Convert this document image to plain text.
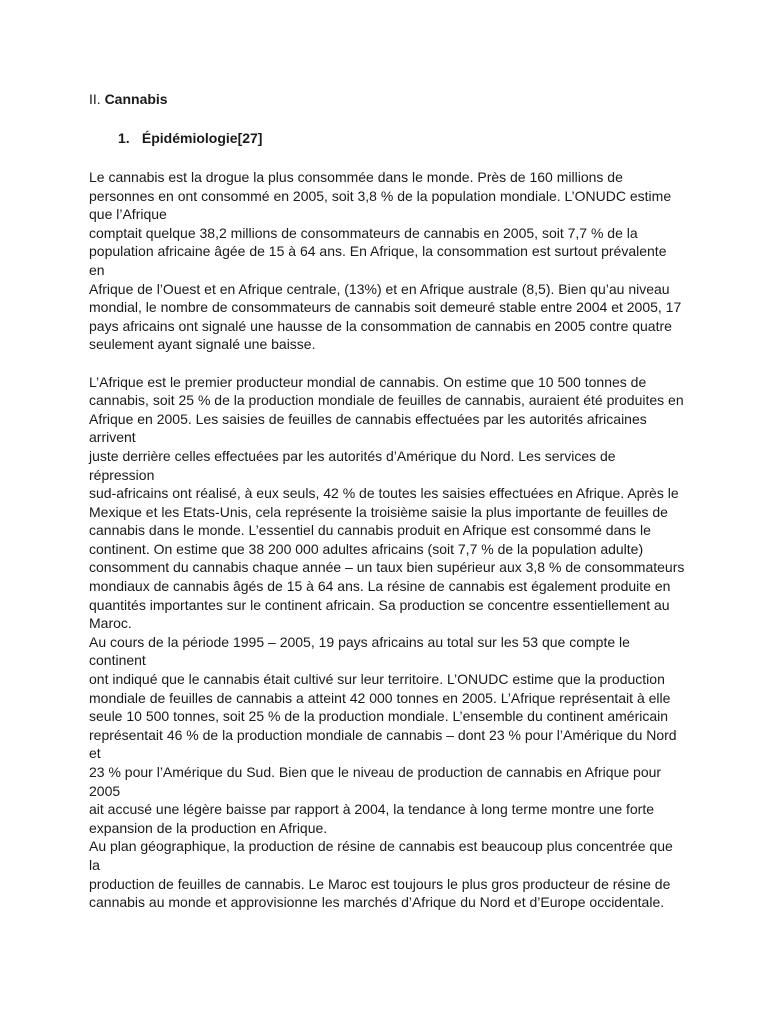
II. Cannabis

1. Épidémiologie[27]

Le cannabis est la drogue la plus consommée dans le monde. Près de 160 millions de
personnes en ont consommé en 2005, soit 3,8 % de la population mondiale. L’ONUDC estime
que l’Afrique
comptait quelque 38,2 millions de consommateurs de cannabis en 2005, soit 7,7 % de la
population africaine âgée de 15 à 64 ans. En Afrique, la consommation est surtout prévalente
en
Afrique de l’Ouest et en Afrique centrale, (13%) et en Afrique australe (8,5). Bien qu’au niveau
mondial, le nombre de consommateurs de cannabis soit demeuré stable entre 2004 et 2005, 17
pays africains ont signalé une hausse de la consommation de cannabis en 2005 contre quatre
seulement ayant signalé une baisse.
L’Afrique est le premier producteur mondial de cannabis. On estime que 10 500 tonnes de
cannabis, soit 25 % de la production mondiale de feuilles de cannabis, auraient été produites en
Afrique en 2005. Les saisies de feuilles de cannabis effectuées par les autorités africaines
arrivent
juste derrière celles effectuées par les autorités d’Amérique du Nord. Les services de
répression
sud-africains ont réalisé, à eux seuls, 42 % de toutes les saisies effectuées en Afrique. Après le
Mexique et les Etats-Unis, cela représente la troisième saisie la plus importante de feuilles de
cannabis dans le monde. L’essentiel du cannabis produit en Afrique est consommé dans le
continent. On estime que 38 200 000 adultes africains (soit 7,7 % de la population adulte)
consomment du cannabis chaque année – un taux bien supérieur aux 3,8 % de consommateurs
mondiaux de cannabis âgés de 15 à 64 ans. La résine de cannabis est également produite en
quantités importantes sur le continent africain. Sa production se concentre essentiellement au
Maroc.
Au cours de la période 1995 – 2005, 19 pays africains au total sur les 53 que compte le
continent
ont indiqué que le cannabis était cultivé sur leur territoire. L’ONUDC estime que la production
mondiale de feuilles de cannabis a atteint 42 000 tonnes en 2005. L’Afrique représentait à elle
seule 10 500 tonnes, soit 25 % de la production mondiale. L’ensemble du continent américain
représentait 46 % de la production mondiale de cannabis – dont 23 % pour l’Amérique du Nord
et
23 % pour l’Amérique du Sud. Bien que le niveau de production de cannabis en Afrique pour
2005
ait accusé une légère baisse par rapport à 2004, la tendance à long terme montre une forte
expansion de la production en Afrique.
Au plan géographique, la production de résine de cannabis est beaucoup plus concentrée que
la
production de feuilles de cannabis. Le Maroc est toujours le plus gros producteur de résine de
cannabis au monde et approvisionne les marchés d’Afrique du Nord et d’Europe occidentale.
